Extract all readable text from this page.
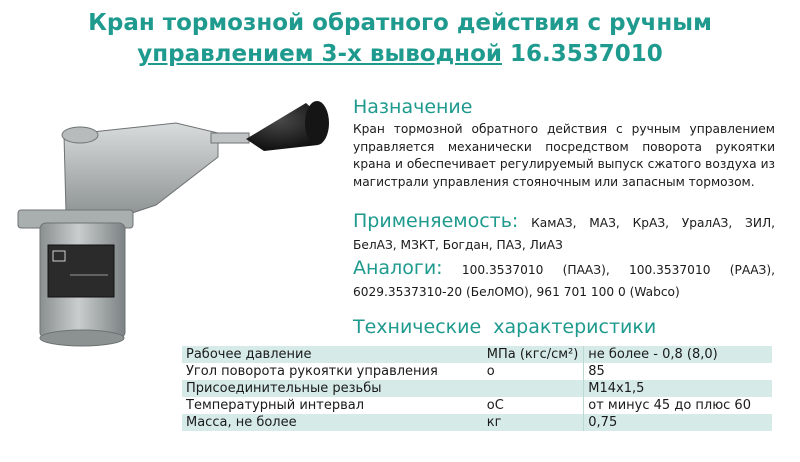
Кран тормозной обратного действия с ручным
управлением 3-х выводной 16.3537010
Назначение
Кран тормозной обратного действия с ручным управлением управляется механически посредством поворота рукоятки крана и обеспечивает регулируемый выпуск сжатого воздуха из магистрали управления стояночным или запасным тормозом.
Применяемость: КамАЗ, МАЗ, КрАЗ, УралАЗ, ЗИЛ, БелАЗ, МЗКТ, Богдан, ПАЗ, ЛиАЗ
Аналоги: 100.3537010 (ПААЗ), 100.3537010 (РААЗ), 6029.3537310-20 (БелОМО), 961 701 100 0 (Wabco)
Технические  характеристики
Рабочее давление	МПа (кгс/см²)	не более - 0,8 (8,0)
Угол поворота рукоятки управления	о	85
Присоединительные резьбы		М14х1,5
Температурный интервал	оС	от минус 45 до плюс 60
Масса, не более	кг	0,75
